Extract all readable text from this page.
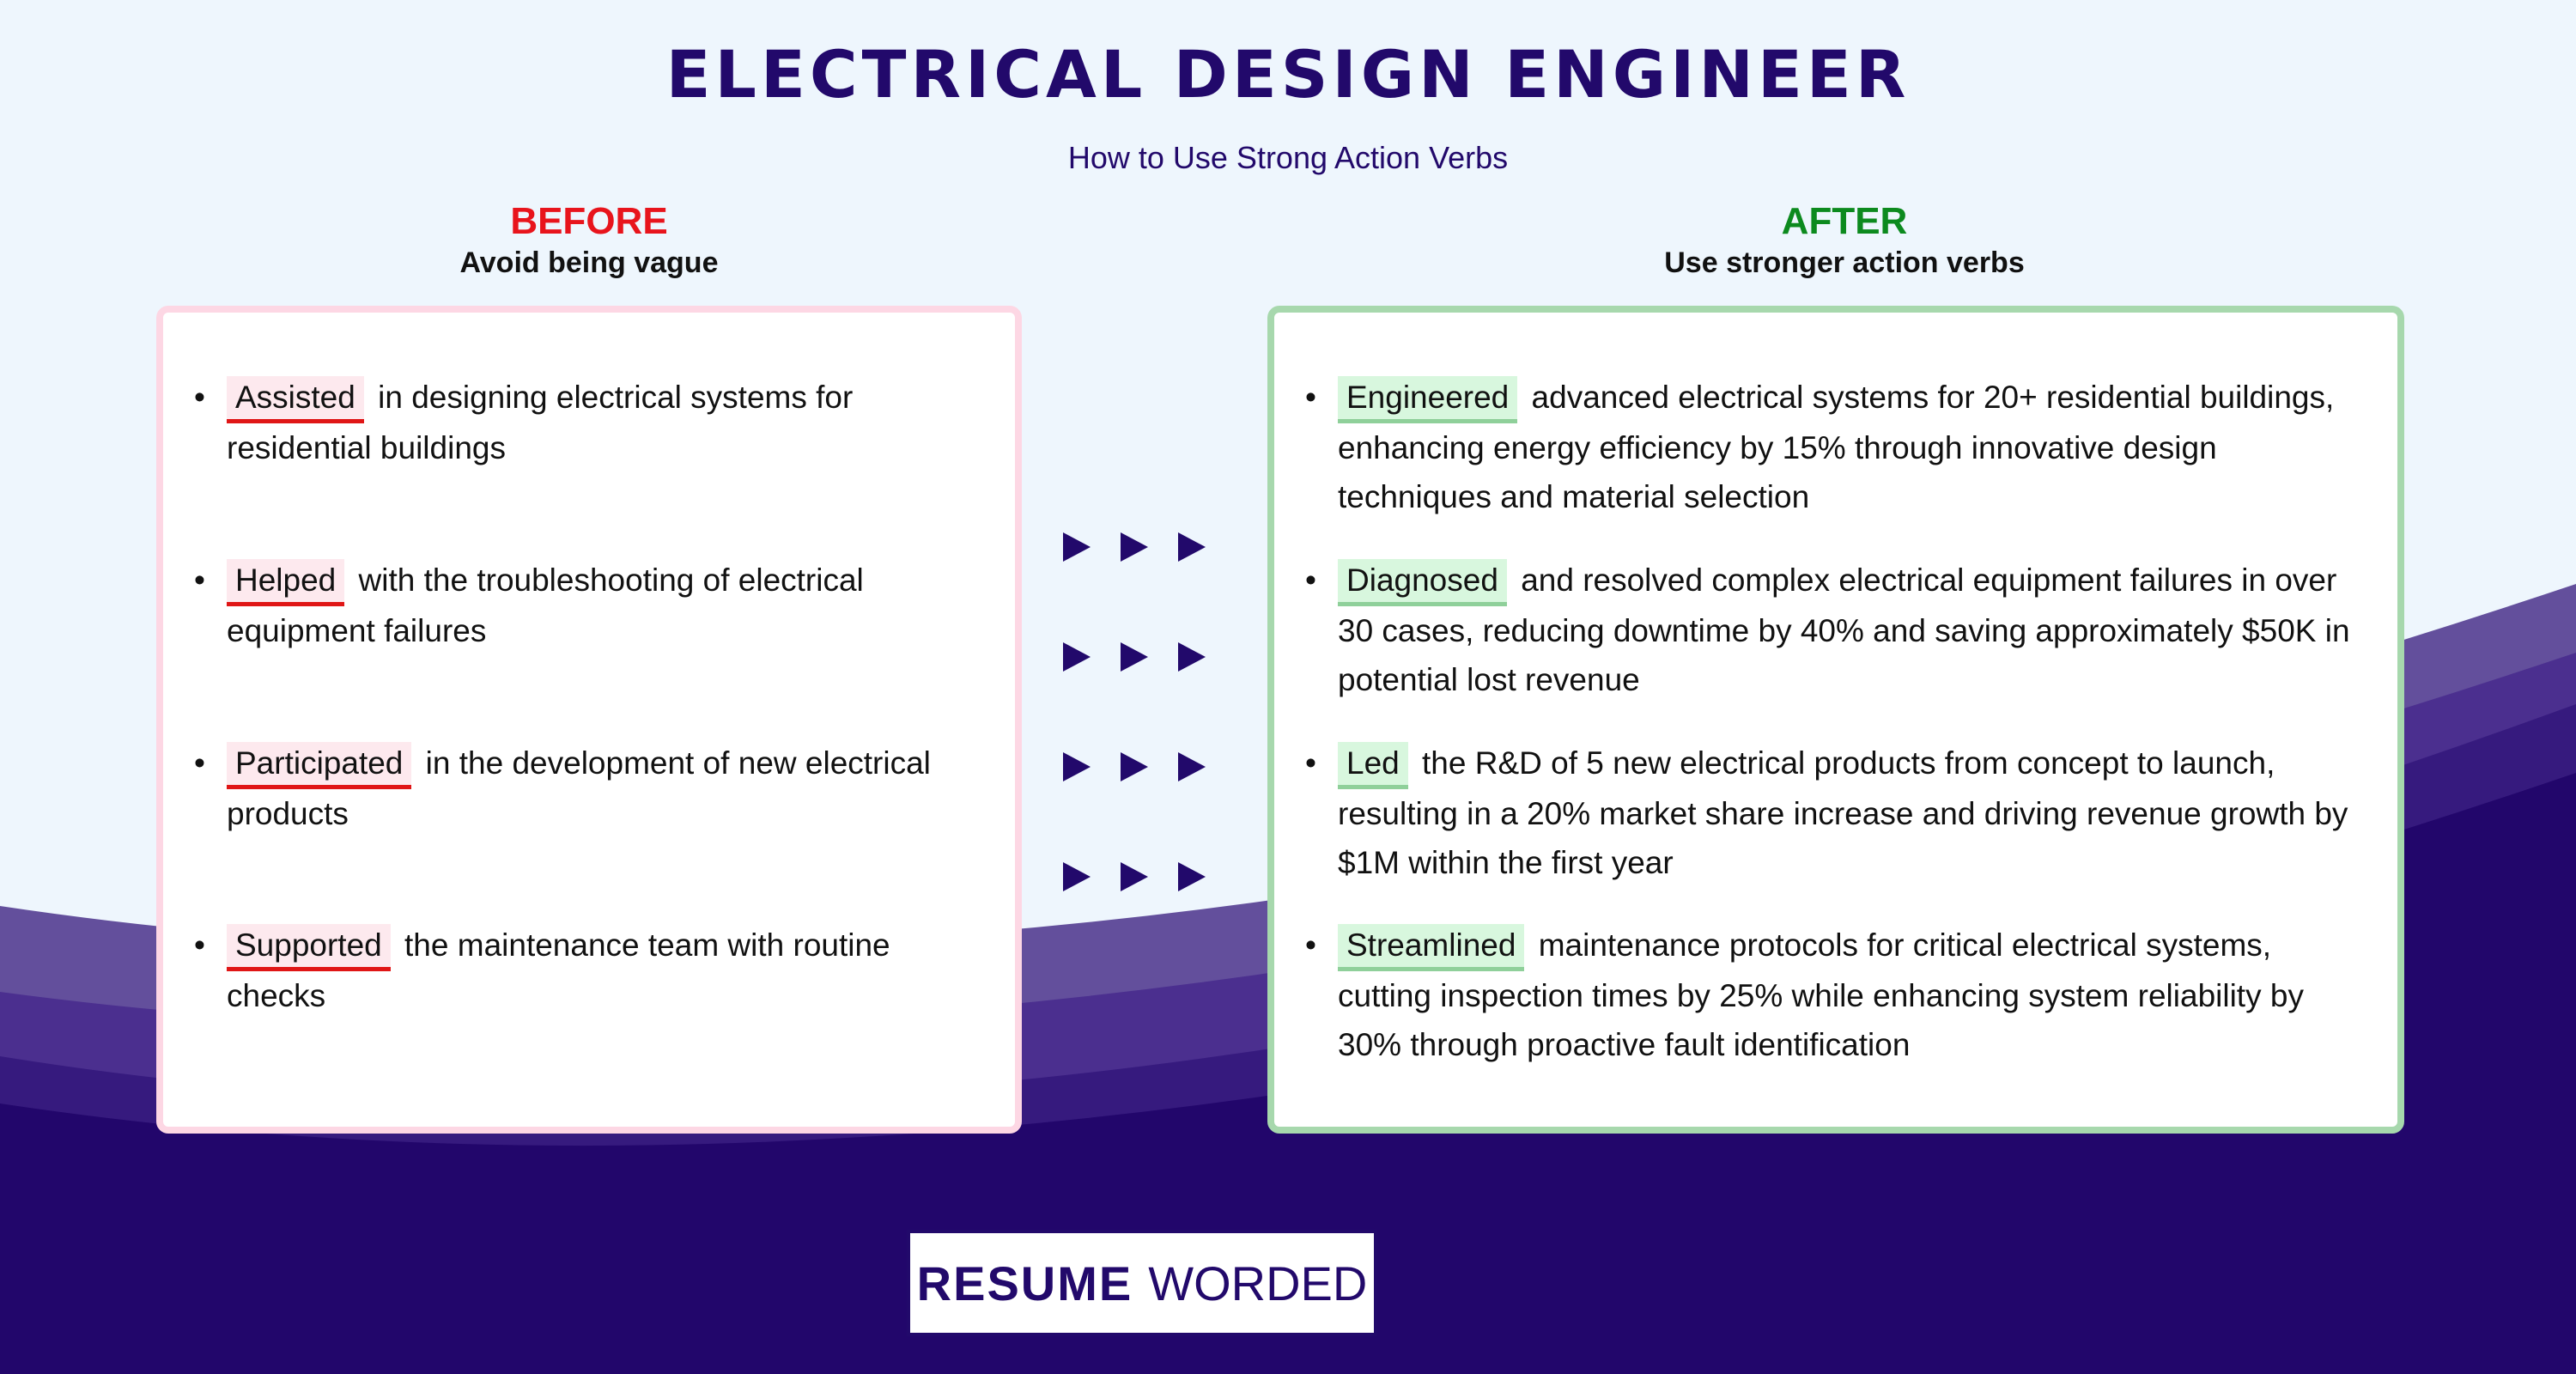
ELECTRICAL DESIGN ENGINEER
How to Use Strong Action Verbs
BEFORE
Avoid being vague
AFTER
Use stronger action verbs
• Assisted in designing electrical systems for residential buildings
• Helped with the troubleshooting of electrical equipment failures
• Participated in the development of new electrical products
• Supported the maintenance team with routine checks
• Engineered advanced electrical systems for 20+ residential buildings, enhancing energy efficiency by 15% through innovative design techniques and material selection
• Diagnosed and resolved complex electrical equipment failures in over 30 cases, reducing downtime by 40% and saving approximately $50K in potential lost revenue
• Led the R&D of 5 new electrical products from concept to launch, resulting in a 20% market share increase and driving revenue growth by $1M within the first year
• Streamlined maintenance protocols for critical electrical systems, cutting inspection times by 25% while enhancing system reliability by 30% through proactive fault identification
RESUME WORDED
